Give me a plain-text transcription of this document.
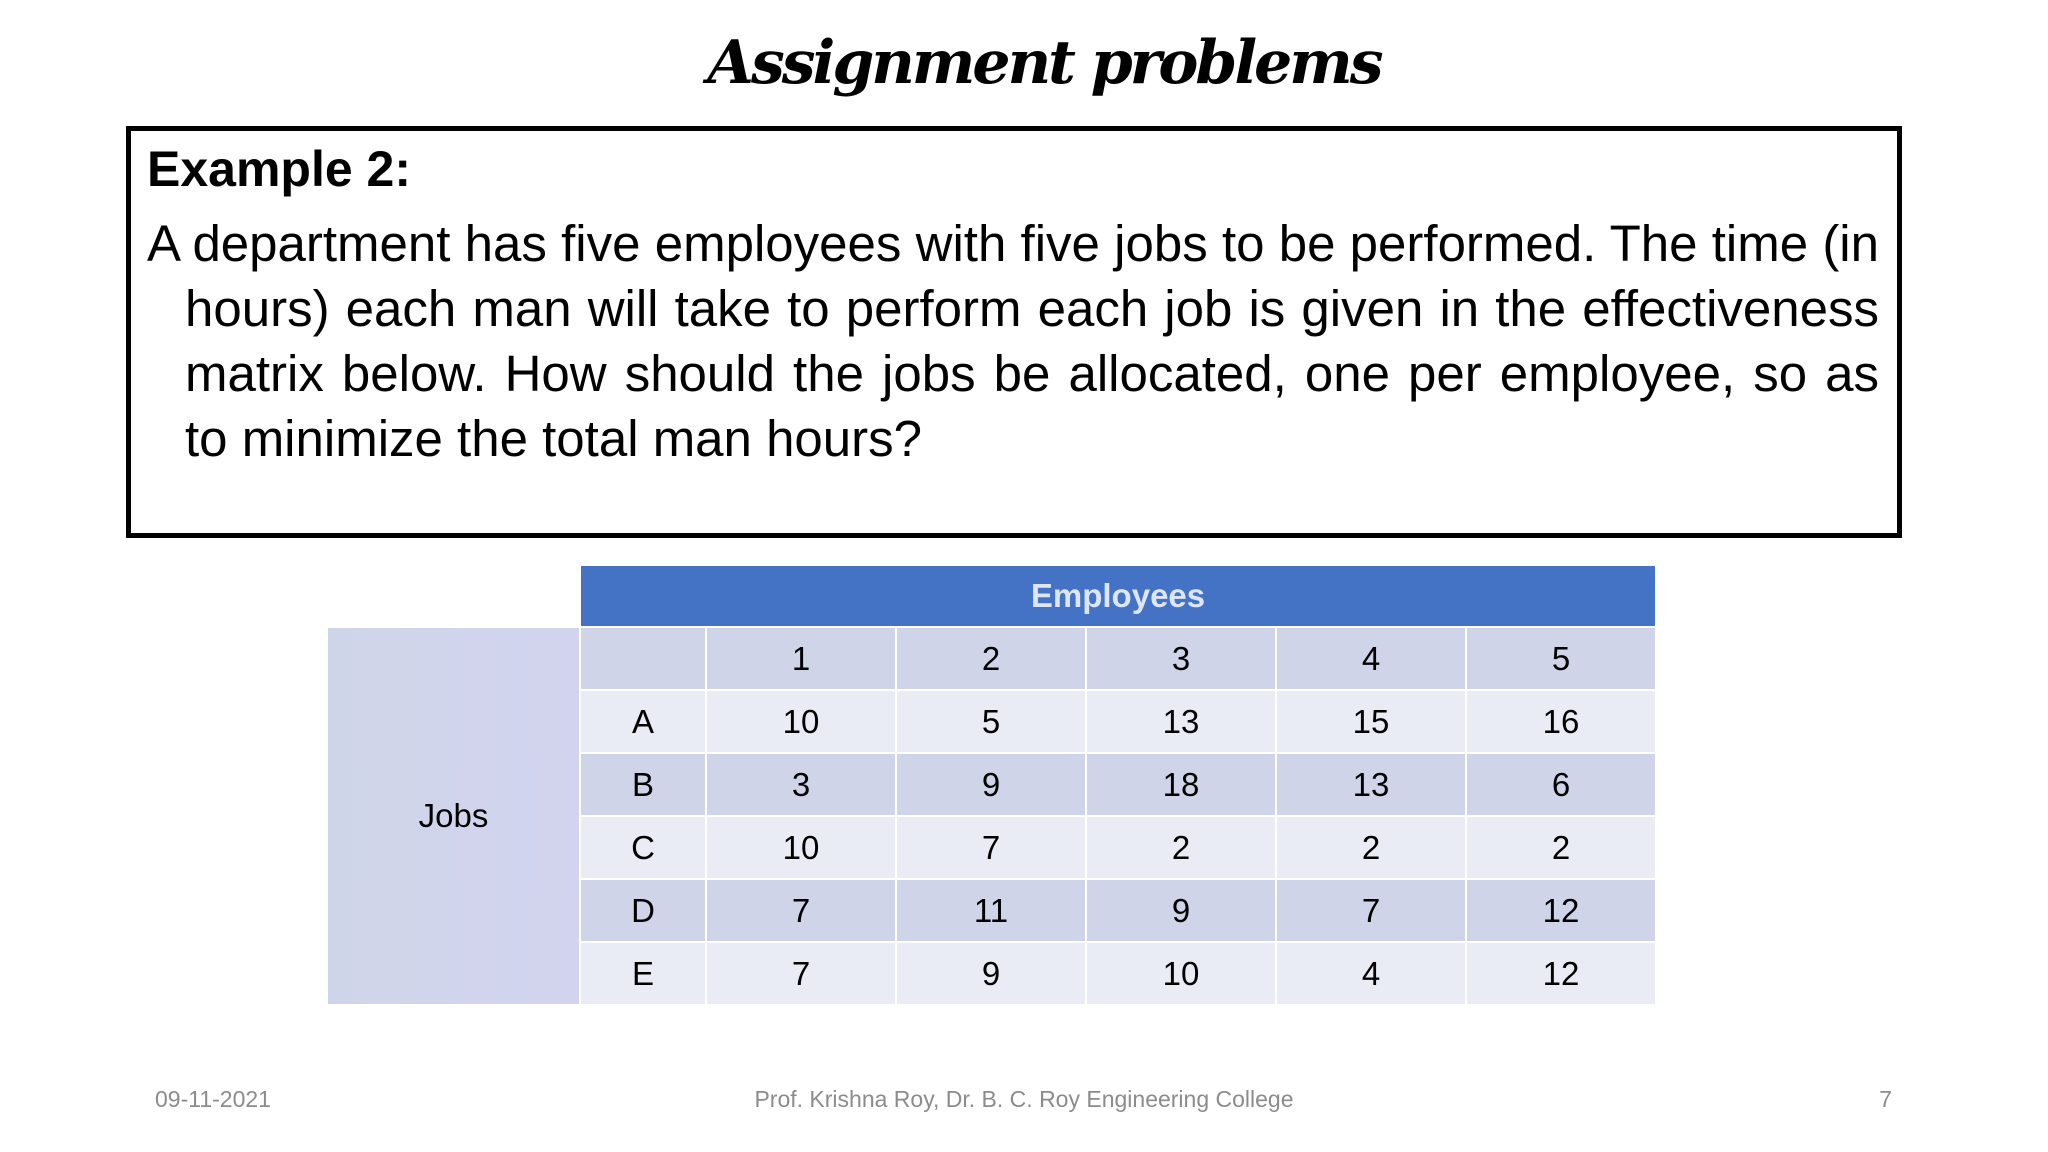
Assignment problems

Example 2:

A department has five employees with five jobs to be performed. The time (in hours) each man will take to perform each job is given in the effectiveness matrix below. How should the jobs be allocated, one per employee, so as to minimize the total man hours?

	Employees					
Jobs		1	2	3	4	5
	A	10	5	13	15	16
	B	3	9	18	13	6
	C	10	7	2	2	2
	D	7	11	9	7	12
	E	7	9	10	4	12
09-11-2021	Prof. Krishna Roy, Dr. B. C. Roy Engineering College	7
